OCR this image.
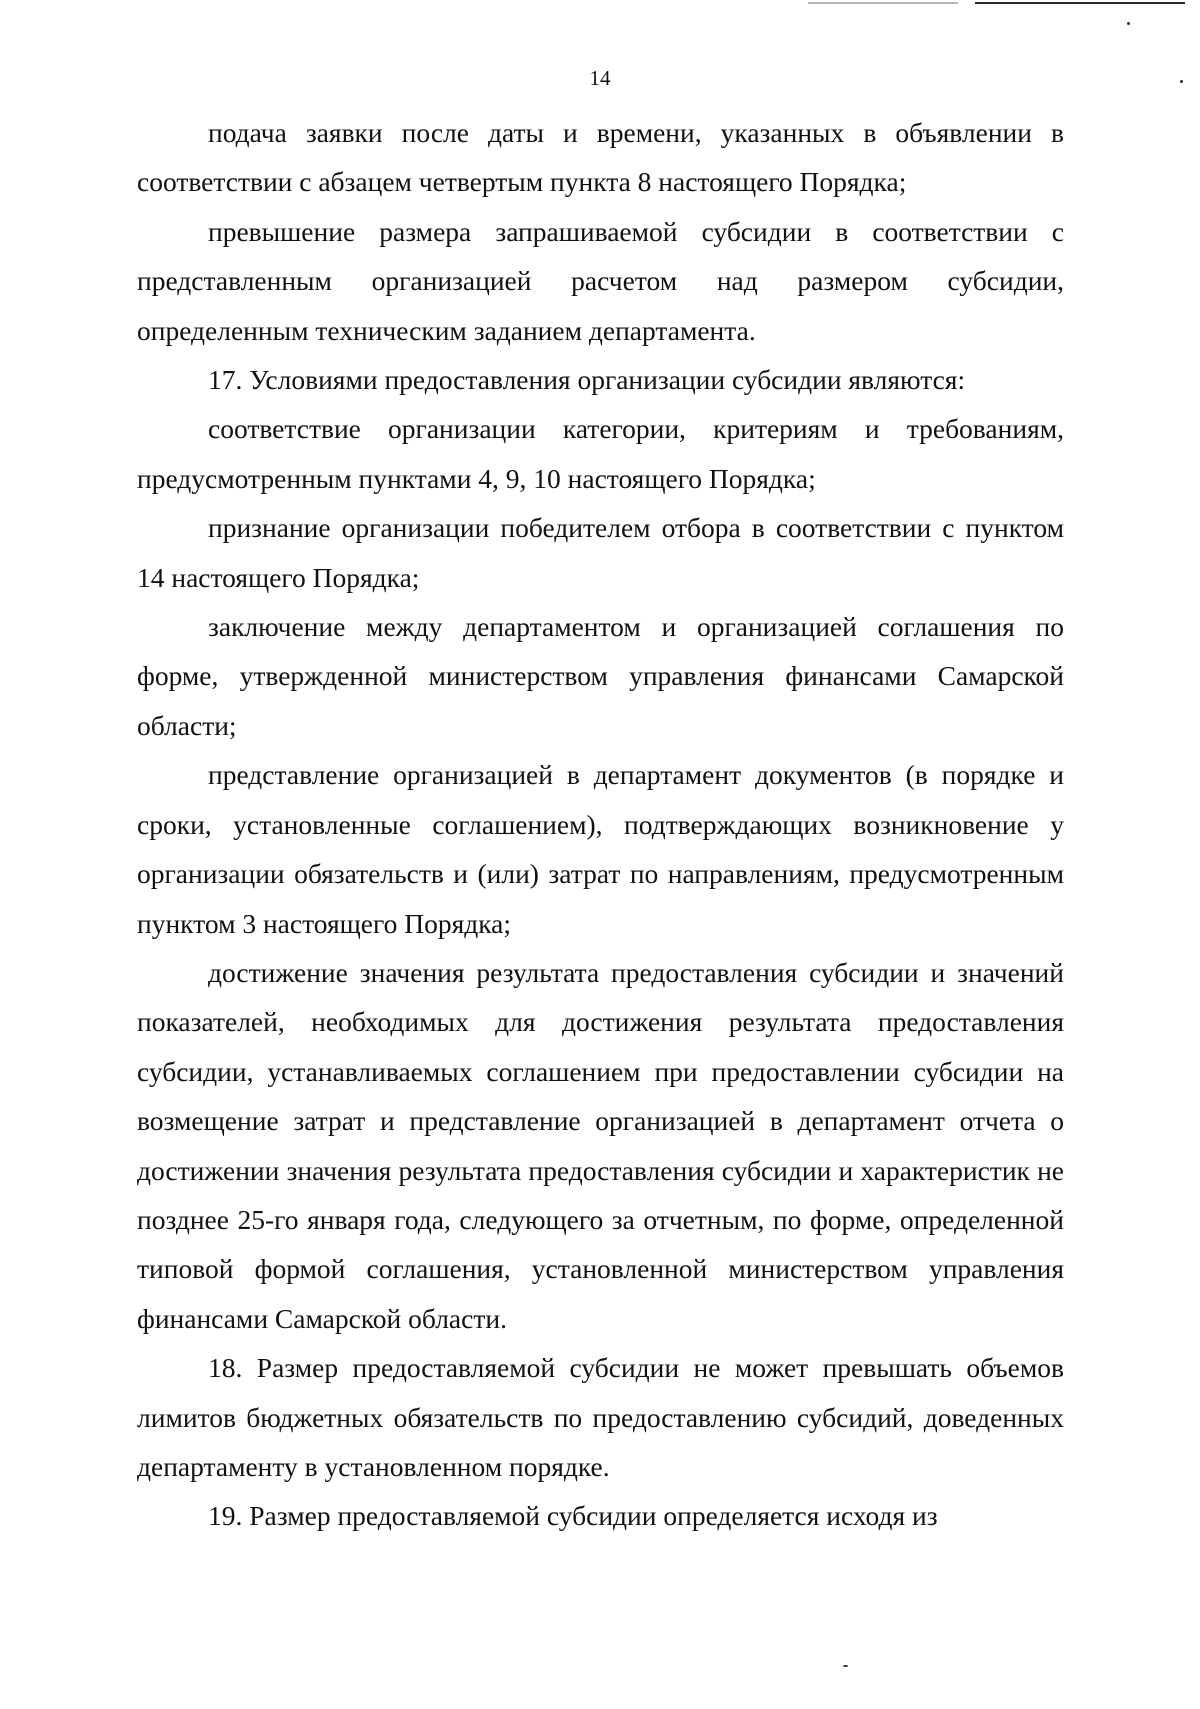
14

подача заявки после даты и времени, указанных в объявлении в соответствии с абзацем четвертым пункта 8 настоящего Порядка;

превышение размера запрашиваемой субсидии в соответствии с представленным организацией расчетом над размером субсидии, определенным техническим заданием департамента.

17. Условиями предоставления организации субсидии являются:

соответствие организации категории, критериям и требованиям, предусмотренным пунктами 4, 9, 10 настоящего Порядка;

признание организации победителем отбора в соответствии с пунктом 14 настоящего Порядка;

заключение между департаментом и организацией соглашения по форме, утвержденной министерством управления финансами Самарской области;

представление организацией в департамент документов (в порядке и сроки, установленные соглашением), подтверждающих возникновение у организации обязательств и (или) затрат по направлениям, предусмотренным пунктом 3 настоящего Порядка;

достижение значения результата предоставления субсидии и значений показателей, необходимых для достижения результата предоставления субсидии, устанавливаемых соглашением при предоставлении субсидии на возмещение затрат и представление организацией в департамент отчета о достижении значения результата предоставления субсидии и характеристик не позднее 25-го января года, следующего за отчетным, по форме, определенной типовой формой соглашения, установленной министерством управления финансами Самарской области.

18. Размер предоставляемой субсидии не может превышать объемов лимитов бюджетных обязательств по предоставлению субсидий, доведенных департаменту в установленном порядке.

19. Размер предоставляемой субсидии определяется исходя из
